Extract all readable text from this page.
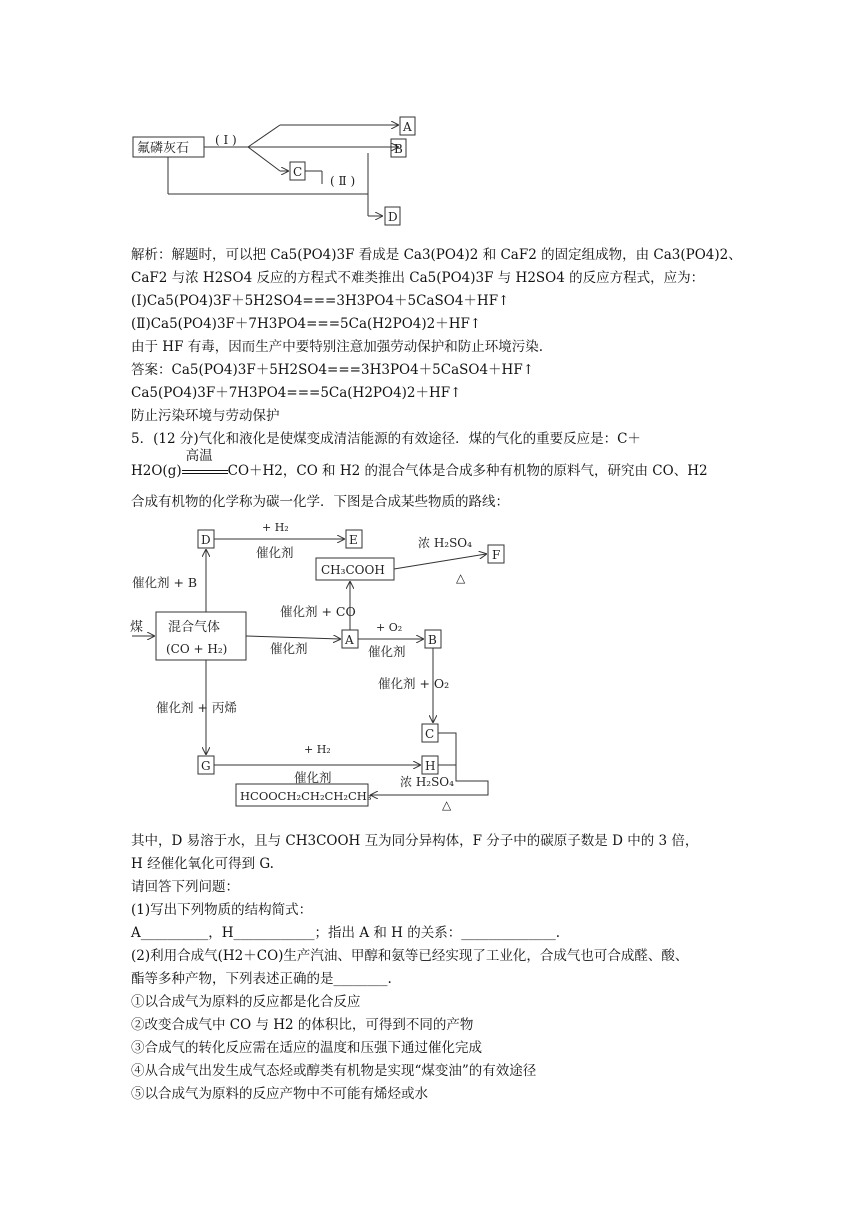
氟磷灰石
( Ⅰ )
( Ⅱ )
A
B
C
D
解析：解题时，可以把 Ca5(PO4)3F 看成是 Ca3(PO4)2 和 CaF2 的固定组成物，由 Ca3(PO4)2、
CaF2 与浓 H2SO4 反应的方程式不难类推出 Ca5(PO4)3F 与 H2SO4 的反应方程式，应为：
(Ⅰ)Ca5(PO4)3F＋5H2SO4===3H3PO4＋5CaSO4＋HF↑
(Ⅱ)Ca5(PO4)3F＋7H3PO4===5Ca(H2PO4)2＋HF↑
由于 HF 有毒，因而生产中要特别注意加强劳动保护和防止环境污染.
答案：Ca5(PO4)3F＋5H2SO4===3H3PO4＋5CaSO4＋HF↑
Ca5(PO4)3F＋7H3PO4===5Ca(H2PO4)2＋HF↑
防止污染环境与劳动保护
5．(12 分)气化和液化是使煤变成清洁能源的有效途径．煤的气化的重要反应是：C＋
H2O(g)
高温
CO＋H2，CO 和 H2 的混合气体是合成多种有机物的原料气，研究由 CO、H2
合成有机物的化学称为碳一化学．下图是合成某些物质的路线：
D	E
F
A	B
C
G	H
CH₃COOH
HCOOCH₂CH₂CH₂CH₃
煤 混合气体
(CO + H₂)
+ H₂
催化剂
浓 H₂SO₄
△
催化剂 + B
催化剂 + CO
催化剂
+ O₂
催化剂
催化剂 + O₂
催化剂 + 丙烯
+ H₂
催化剂	浓 H₂SO₄
△
其中，D 易溶于水，且与 CH3COOH 互为同分异构体，F 分子中的碳原子数是 D 中的 3 倍，
H 经催化氧化可得到 G.
请回答下列问题：
(1)写出下列物质的结构简式：
A__________，H____________；指出 A 和 H 的关系：______________.
(2)利用合成气(H2＋CO)生产汽油、甲醇和氨等已经实现了工业化，合成气也可合成醛、酸、
酯等多种产物，下列表述正确的是________.
①以合成气为原料的反应都是化合反应
②改变合成气中 CO 与 H2 的体积比，可得到不同的产物
③合成气的转化反应需在适应的温度和压强下通过催化完成
④从合成气出发生成气态烃或醇类有机物是实现“煤变油”的有效途径
⑤以合成气为原料的反应产物中不可能有烯烃或水
